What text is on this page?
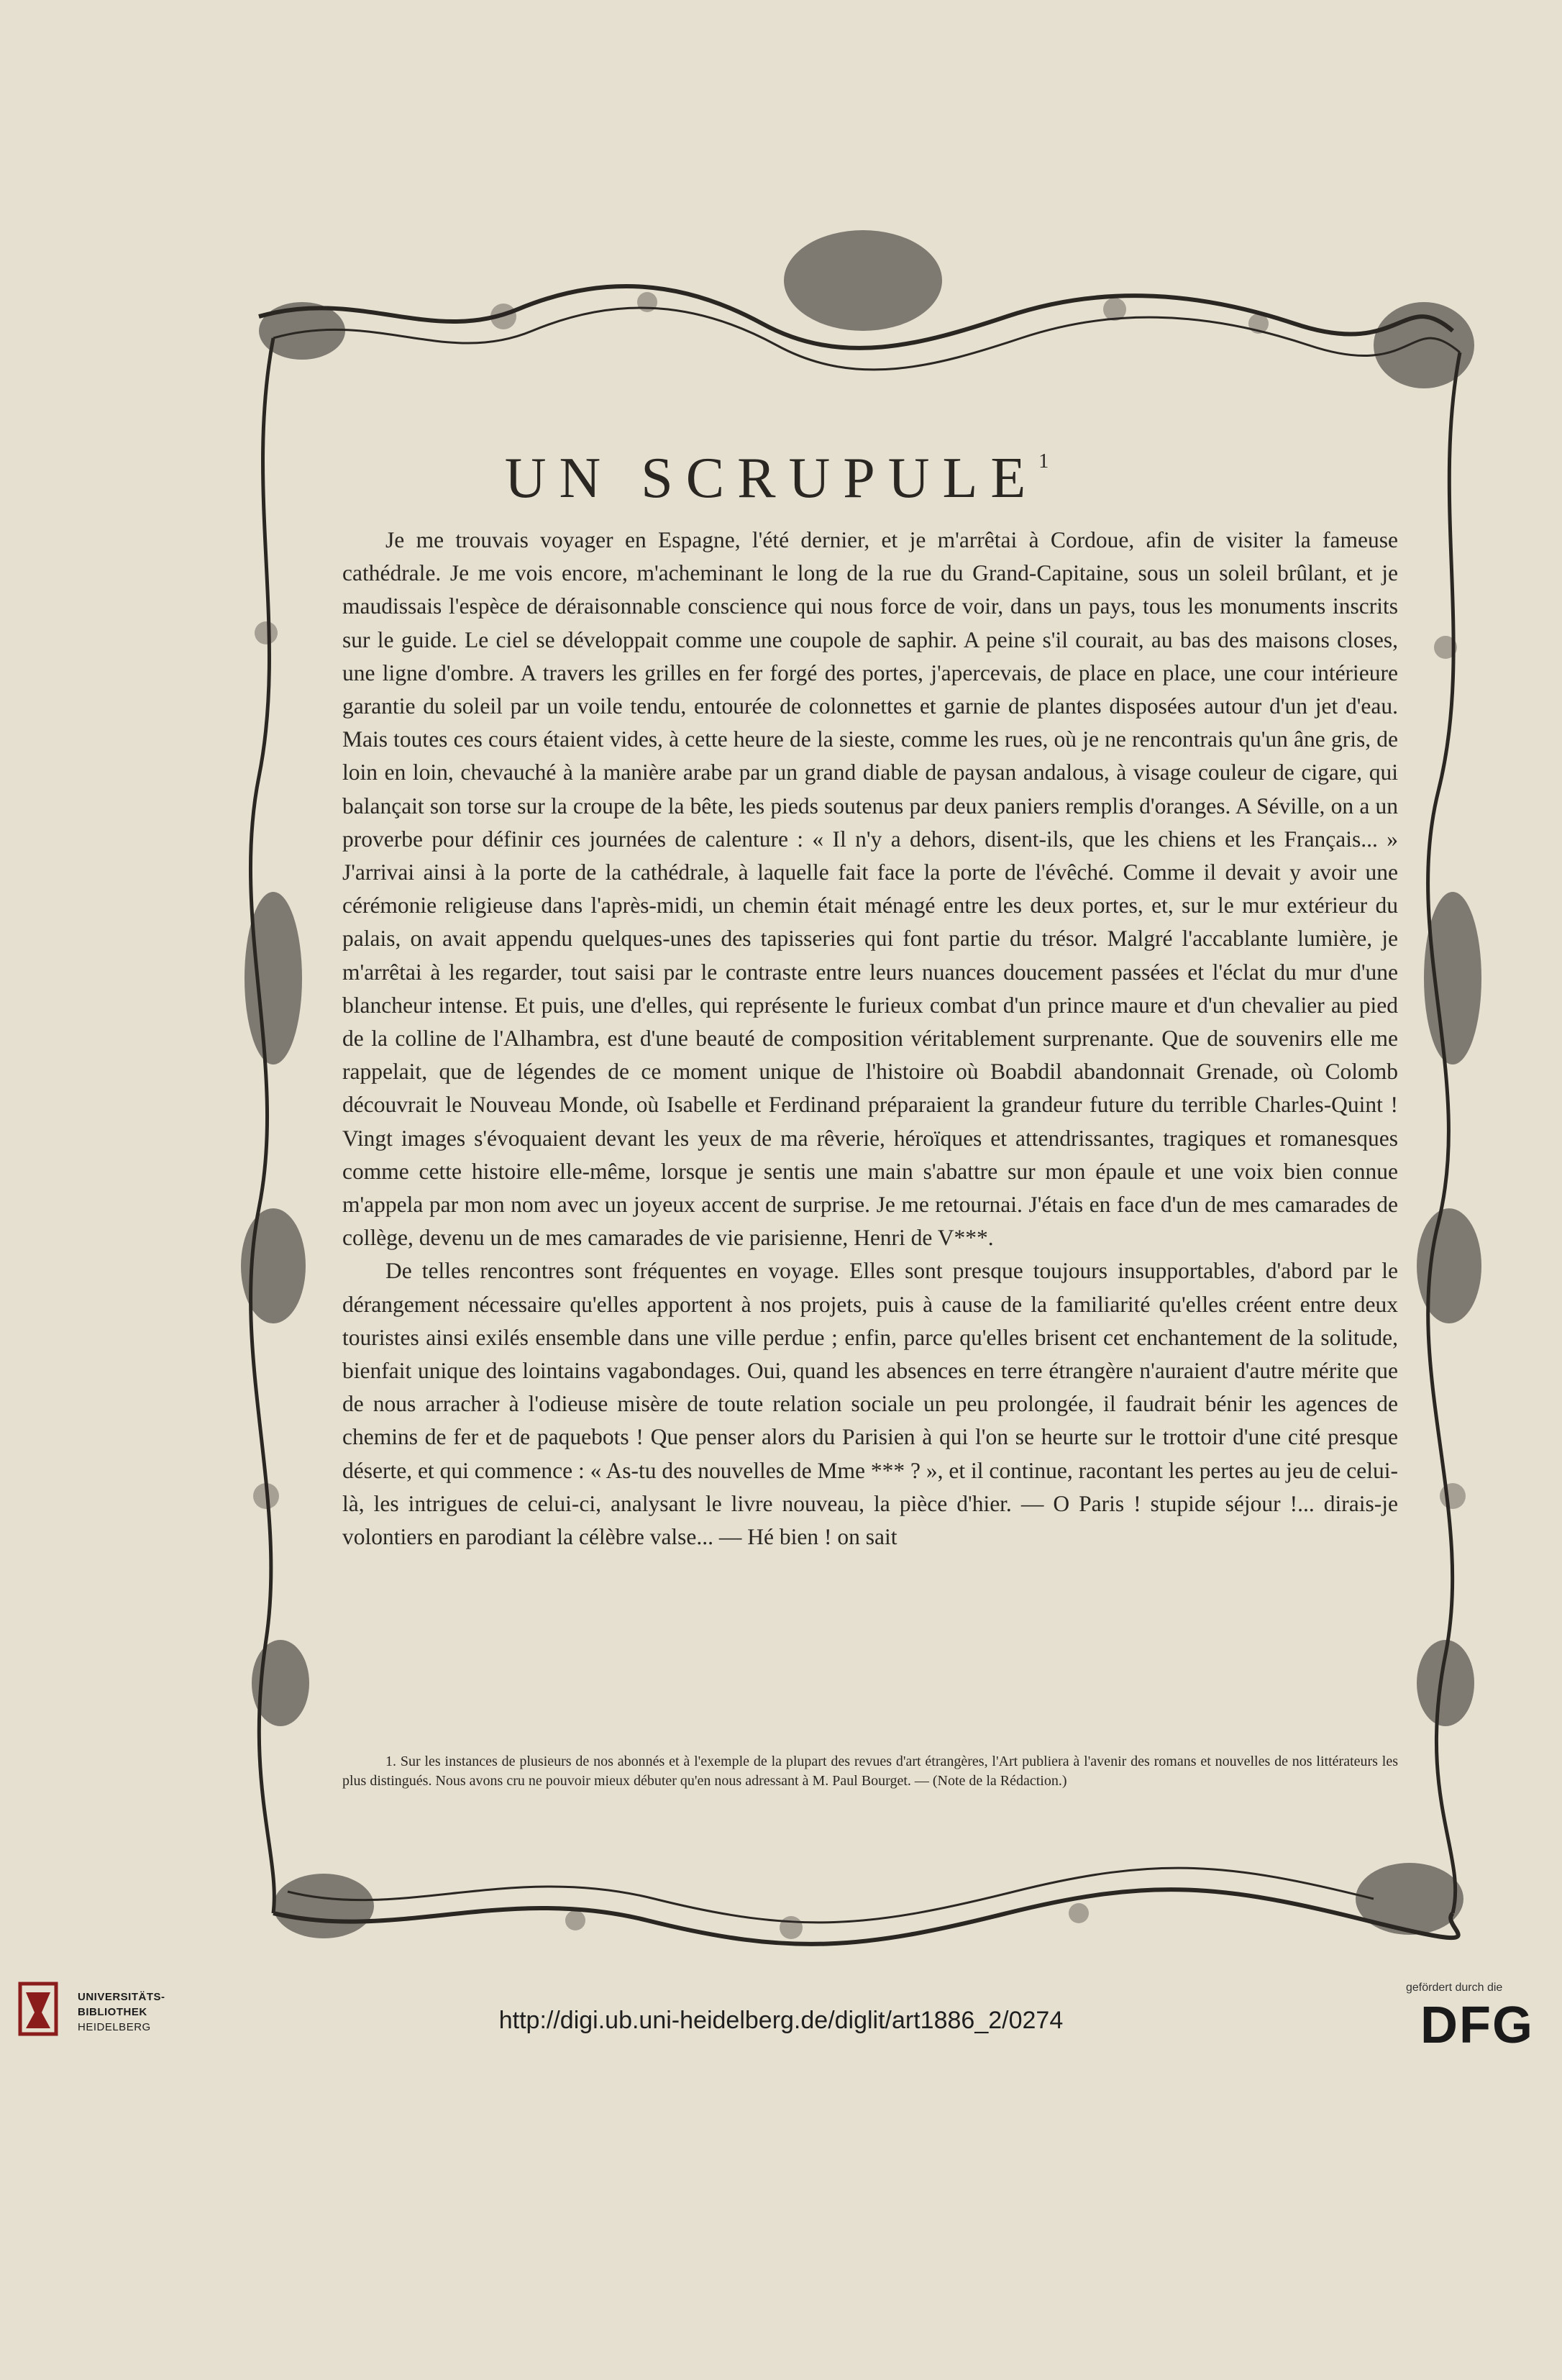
UN SCRUPULE$^1$

Je me trouvais voyager en Espagne, l'été dernier, et je m'arrêtai à Cordoue, afin de visiter la fameuse cathédrale. Je me vois encore, m'acheminant le long de la rue du Grand-Capitaine, sous un soleil brûlant, et je maudissais l'espèce de déraisonnable conscience qui nous force de voir, dans un pays, tous les monuments inscrits sur le guide. Le ciel se développait comme une coupole de saphir. A peine s'il courait, au bas des maisons closes, une ligne d'ombre. A travers les grilles en fer forgé des portes, j'apercevais, de place en place, une cour intérieure garantie du soleil par un voile tendu, entourée de colonnettes et garnie de plantes disposées autour d'un jet d'eau. Mais toutes ces cours étaient vides, à cette heure de la sieste, comme les rues, où je ne rencontrais qu'un âne gris, de loin en loin, chevauché à la manière arabe par un grand diable de paysan andalous, à visage couleur de cigare, qui balançait son torse sur la croupe de la bête, les pieds soutenus par deux paniers remplis d'oranges. A Séville, on a un proverbe pour définir ces journées de calenture : « Il n'y a dehors, disent-ils, que les chiens et les Français... » J'arrivai ainsi à la porte de la cathédrale, à laquelle fait face la porte de l'évêché. Comme il devait y avoir une cérémonie religieuse dans l'après-midi, un chemin était ménagé entre les deux portes, et, sur le mur extérieur du palais, on avait appendu quelques-unes des tapisseries qui font partie du trésor. Malgré l'accablante lumière, je m'arrêtai à les regarder, tout saisi par le contraste entre leurs nuances doucement passées et l'éclat du mur d'une blancheur intense. Et puis, une d'elles, qui représente le furieux combat d'un prince maure et d'un chevalier au pied de la colline de l'Alhambra, est d'une beauté de composition véritablement surprenante. Que de souvenirs elle me rappelait, que de légendes de ce moment unique de l'histoire où Boabdil abandonnait Grenade, où Colomb découvrait le Nouveau Monde, où Isabelle et Ferdinand préparaient la grandeur future du terrible Charles-Quint ! Vingt images s'évoquaient devant les yeux de ma rêverie, héroïques et attendrissantes, tragiques et romanesques comme cette histoire elle-même, lorsque je sentis une main s'abattre sur mon épaule et une voix bien connue m'appela par mon nom avec un joyeux accent de surprise. Je me retournai. J'étais en face d'un de mes camarades de collège, devenu un de mes camarades de vie parisienne, Henri de V***.

De telles rencontres sont fréquentes en voyage. Elles sont presque toujours insupportables, d'abord par le dérangement nécessaire qu'elles apportent à nos projets, puis à cause de la familiarité qu'elles créent entre deux touristes ainsi exilés ensemble dans une ville perdue ; enfin, parce qu'elles brisent cet enchantement de la solitude, bienfait unique des lointains vagabondages. Oui, quand les absences en terre étrangère n'auraient d'autre mérite que de nous arracher à l'odieuse misère de toute relation sociale un peu prolongée, il faudrait bénir les agences de chemins de fer et de paquebots ! Que penser alors du Parisien à qui l'on se heurte sur le trottoir d'une cité presque déserte, et qui commence : « As-tu des nouvelles de Mme *** ? », et il continue, racontant les pertes au jeu de celui-là, les intrigues de celui-ci, analysant le livre nouveau, la pièce d'hier. — O Paris ! stupide séjour !... dirais-je volontiers en parodiant la célèbre valse... — Hé bien ! on sait

1. Sur les instances de plusieurs de nos abonnés et à l'exemple de la plupart des revues d'art étrangères, l'Art publiera à l'avenir des romans et nouvelles de nos littérateurs les plus distingués. Nous avons cru ne pouvoir mieux débuter qu'en nous adressant à M. Paul Bourget. — (Note de la Rédaction.)

UNIVERSITÄTS-
BIBLIOTHEK
HEIDELBERG	http://digi.ub.uni-heidelberg.de/diglit/art1886_2/0274
gefördert durch die
DFG
